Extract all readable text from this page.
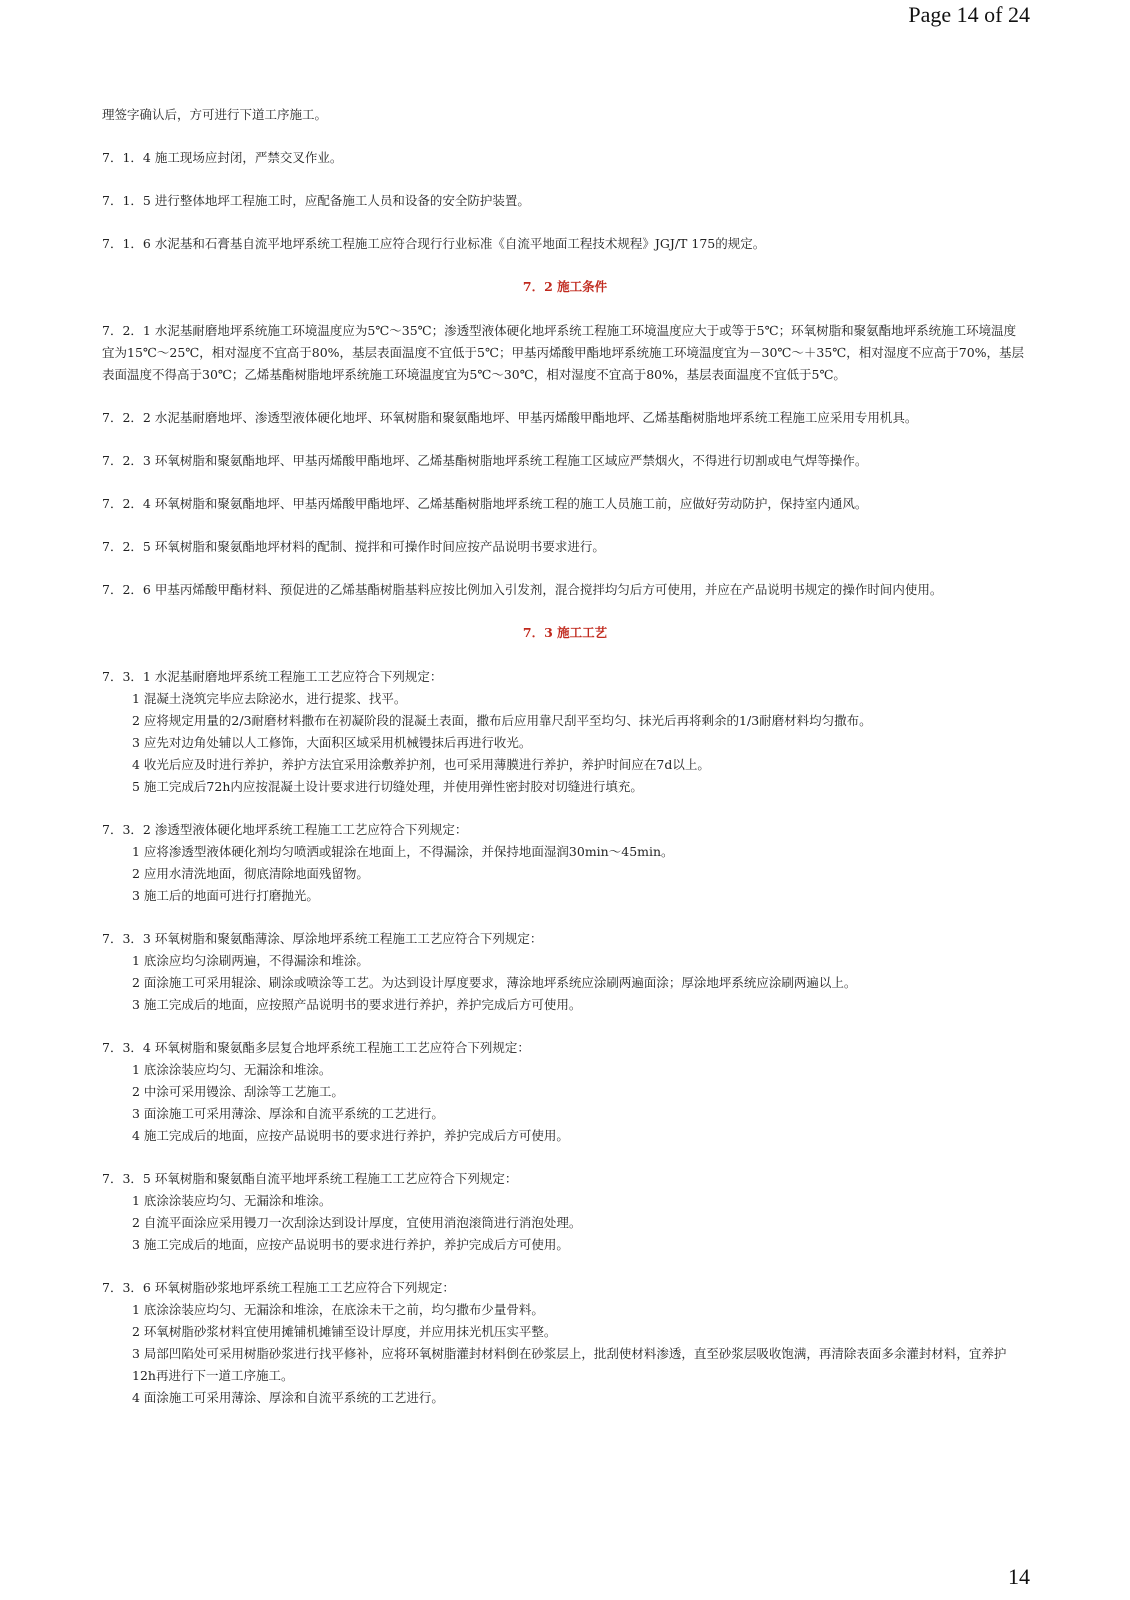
Page 14 of 24

理签字确认后，方可进行下道工序施工。

7．1．4 施工现场应封闭，严禁交叉作业。

7．1．5 进行整体地坪工程施工时，应配备施工人员和设备的安全防护装置。

7．1．6 水泥基和石膏基自流平地坪系统工程施工应符合现行行业标准《自流平地面工程技术规程》JGJ/T 175的规定。

7．2 施工条件

7．2．1 水泥基耐磨地坪系统施工环境温度应为5℃～35℃；渗透型液体硬化地坪系统工程施工环境温度应大于或等于5℃；环氧树脂和聚氨酯地坪系统施工环境温度宜为15℃～25℃，相对湿度不宜高于80%，基层表面温度不宜低于5℃；甲基丙烯酸甲酯地坪系统施工环境温度宜为－30℃～＋35℃，相对湿度不应高于70%，基层表面温度不得高于30℃；乙烯基酯树脂地坪系统施工环境温度宜为5℃～30℃，相对湿度不宜高于80%，基层表面温度不宜低于5℃。

7．2．2 水泥基耐磨地坪、渗透型液体硬化地坪、环氧树脂和聚氨酯地坪、甲基丙烯酸甲酯地坪、乙烯基酯树脂地坪系统工程施工应采用专用机具。

7．2．3 环氧树脂和聚氨酯地坪、甲基丙烯酸甲酯地坪、乙烯基酯树脂地坪系统工程施工区域应严禁烟火，不得进行切割或电气焊等操作。

7．2．4 环氧树脂和聚氨酯地坪、甲基丙烯酸甲酯地坪、乙烯基酯树脂地坪系统工程的施工人员施工前，应做好劳动防护，保持室内通风。

7．2．5 环氧树脂和聚氨酯地坪材料的配制、搅拌和可操作时间应按产品说明书要求进行。

7．2．6 甲基丙烯酸甲酯材料、预促进的乙烯基酯树脂基料应按比例加入引发剂，混合搅拌均匀后方可使用，并应在产品说明书规定的操作时间内使用。

7．3 施工工艺

7．3．1 水泥基耐磨地坪系统工程施工工艺应符合下列规定：

1 混凝土浇筑完毕应去除泌水，进行提浆、找平。

2 应将规定用量的2/3耐磨材料撒布在初凝阶段的混凝土表面，撒布后应用靠尺刮平至均匀、抹光后再将剩余的1/3耐磨材料均匀撒布。

3 应先对边角处辅以人工修饰，大面积区域采用机械镘抹后再进行收光。

4 收光后应及时进行养护，养护方法宜采用涂敷养护剂，也可采用薄膜进行养护，养护时间应在7d以上。

5 施工完成后72h内应按混凝土设计要求进行切缝处理，并使用弹性密封胶对切缝进行填充。

7．3．2 渗透型液体硬化地坪系统工程施工工艺应符合下列规定：

1 应将渗透型液体硬化剂均匀喷洒或辊涂在地面上，不得漏涂，并保持地面湿润30min～45min。

2 应用水清洗地面，彻底清除地面残留物。

3 施工后的地面可进行打磨抛光。

7．3．3 环氧树脂和聚氨酯薄涂、厚涂地坪系统工程施工工艺应符合下列规定：

1 底涂应均匀涂刷两遍，不得漏涂和堆涂。

2 面涂施工可采用辊涂、刷涂或喷涂等工艺。为达到设计厚度要求，薄涂地坪系统应涂刷两遍面涂；厚涂地坪系统应涂刷两遍以上。

3 施工完成后的地面，应按照产品说明书的要求进行养护，养护完成后方可使用。

7．3．4 环氧树脂和聚氨酯多层复合地坪系统工程施工工艺应符合下列规定：

1 底涂涂装应均匀、无漏涂和堆涂。

2 中涂可采用镘涂、刮涂等工艺施工。

3 面涂施工可采用薄涂、厚涂和自流平系统的工艺进行。

4 施工完成后的地面，应按产品说明书的要求进行养护，养护完成后方可使用。

7．3．5 环氧树脂和聚氨酯自流平地坪系统工程施工工艺应符合下列规定：

1 底涂涂装应均匀、无漏涂和堆涂。

2 自流平面涂应采用镘刀一次刮涂达到设计厚度，宜使用消泡滚筒进行消泡处理。

3 施工完成后的地面，应按产品说明书的要求进行养护，养护完成后方可使用。

7．3．6 环氧树脂砂浆地坪系统工程施工工艺应符合下列规定：

1 底涂涂装应均匀、无漏涂和堆涂，在底涂未干之前，均匀撒布少量骨料。

2 环氧树脂砂浆材料宜使用摊铺机摊铺至设计厚度，并应用抹光机压实平整。

3 局部凹陷处可采用树脂砂浆进行找平修补，应将环氧树脂灌封材料倒在砂浆层上，批刮使材料渗透，直至砂浆层吸收饱满，再清除表面多余灌封材料，宜养护12h再进行下一道工序施工。

4 面涂施工可采用薄涂、厚涂和自流平系统的工艺进行。

14
